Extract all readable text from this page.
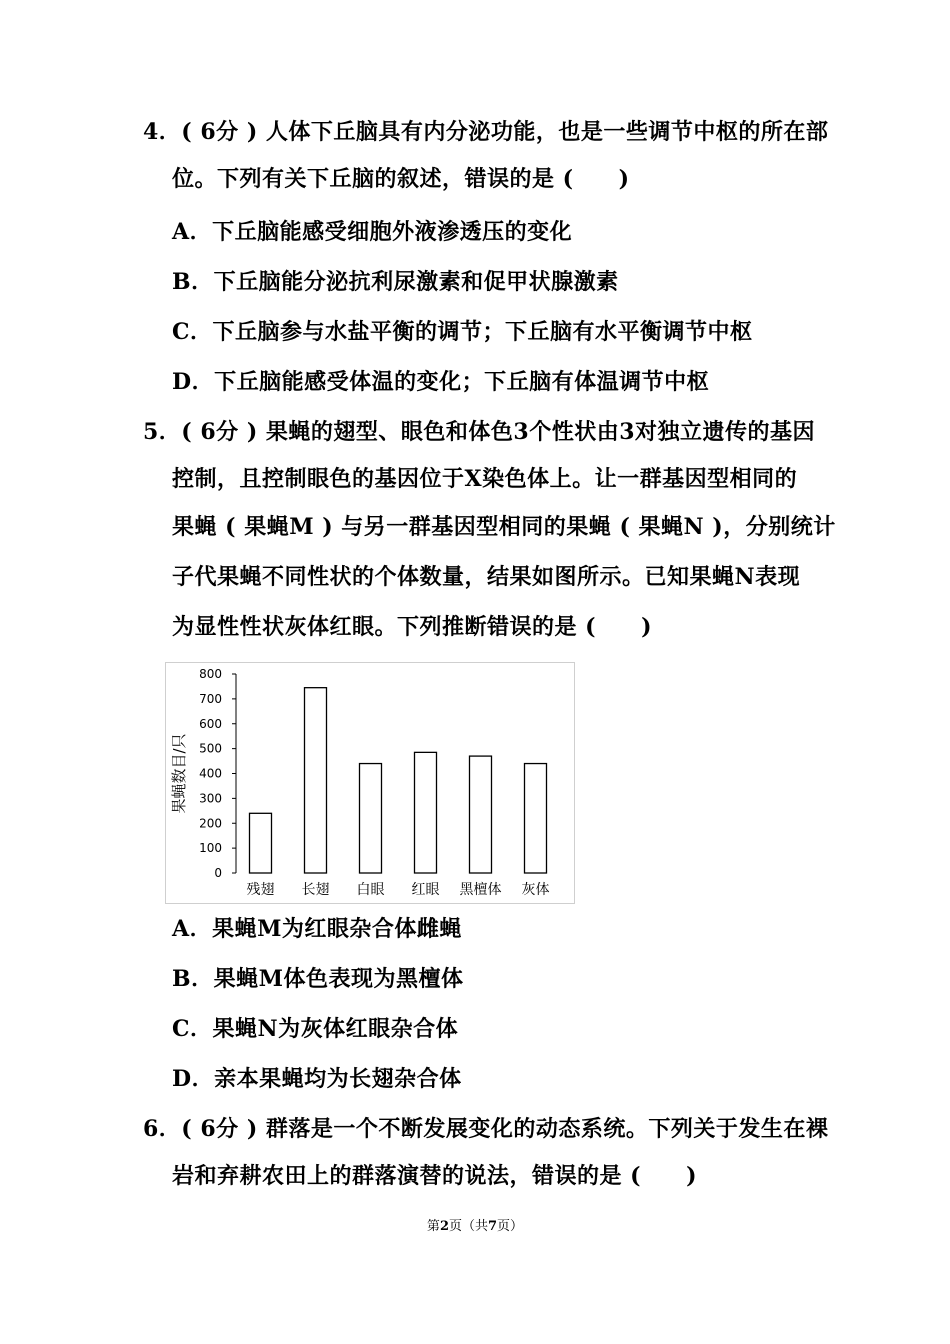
4．( 6分 ) 人体下丘脑具有内分泌功能，也是一些调节中枢的所在部
位。下列有关下丘脑的叙述，错误的是 (　　)
A．下丘脑能感受细胞外液渗透压的变化
B．下丘脑能分泌抗利尿激素和促甲状腺激素
C．下丘脑参与水盐平衡的调节；下丘脑有水平衡调节中枢
D．下丘脑能感受体温的变化；下丘脑有体温调节中枢
5．( 6分 ) 果蝇的翅型、眼色和体色3个性状由3对独立遗传的基因
控制，且控制眼色的基因位于X染色体上。让一群基因型相同的
果蝇 ( 果蝇M ) 与另一群基因型相同的果蝇 ( 果蝇N )，分别统计
子代果蝇不同性状的个体数量，结果如图所示。已知果蝇N表现
为显性性状灰体红眼。下列推断错误的是 (　　)
0
100
200
300
400
500
600
700
800
果蝇数目/只
残翅 长翅 白眼 红眼 黑檀体 灰体
A．果蝇M为红眼杂合体雌蝇
B．果蝇M体色表现为黑檀体
C．果蝇N为灰体红眼杂合体
D．亲本果蝇均为长翅杂合体
6．( 6分 ) 群落是一个不断发展变化的动态系统。下列关于发生在裸
岩和弃耕农田上的群落演替的说法，错误的是 (　　)
第2页（共7页）
